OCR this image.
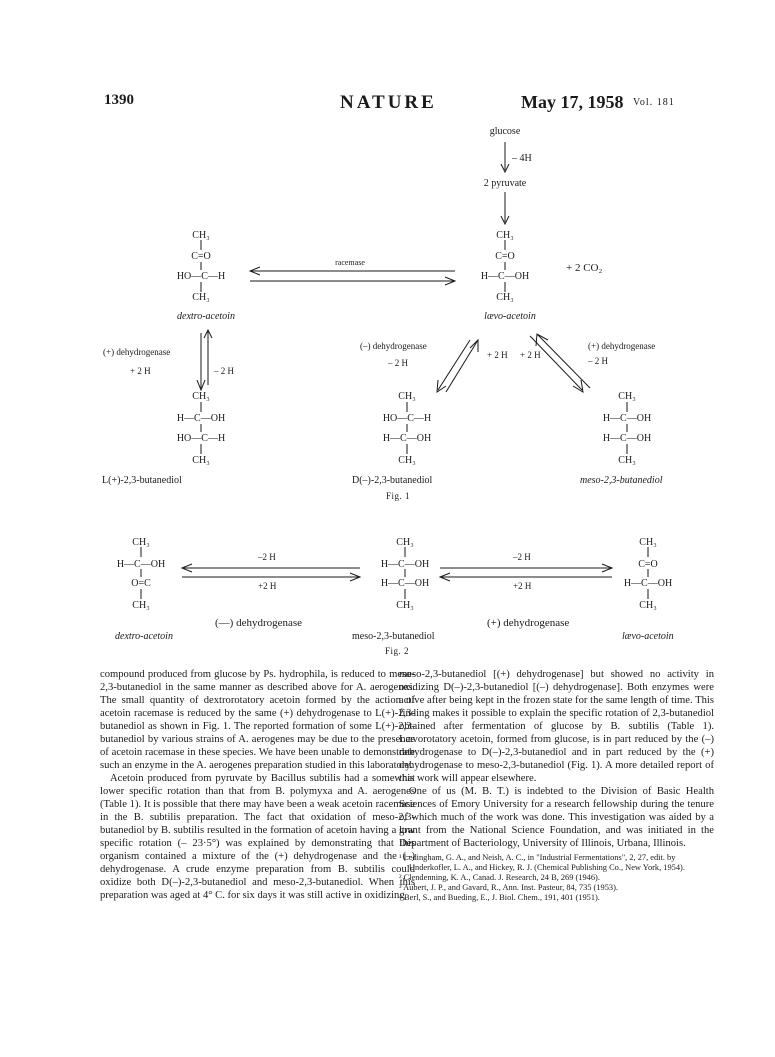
1390	NATURE	May 17, 1958 Vol. 181
glucose
– 4H
2 pyruvate
racemase	+ 2 CO₂
CH₃
C=O
HO—C—H
CH₃
dextro-acetoin
CH₃
C=O
H—C—OH
CH₃
lævo-acetoin
(+) dehydrogenase
+ 2 H	– 2 H
(–) dehydrogenase
– 2 H
+ 2 H + 2 H
(+) dehydrogenase
– 2 H
CH₃
H—C—OH
HO—C—H
CH₃
L(+)-2,3-butanediol
CH₃
HO—C—H
H—C—OH
CH₃
D(–)-2,3-butanediol
CH₃
H—C—OH
H—C—OH
CH₃
meso-2,3-butanediol
Fig. 1
CH₃
H—C—OH
O=C
CH₃
dextro-acetoin
CH₃
H—C—OH
H—C—OH
CH₃
meso-2,3-butanediol
CH₃
C=O
H—C—OH
CH₃
lævo-acetoin
–2 H
+2 H
–2 H
+2 H
(—) dehydrogenase	(+) dehydrogenase
Fig. 2

compound produced from glucose by Ps. hydrophila, is reduced to meso-2,3-butanediol in the same manner as described above for A. aerogenes. The small quantity of dextrorotatory acetoin formed by the action of acetoin racemase is reduced by the same (+) dehydrogenase to L(+)-2,3-butanediol as shown in Fig. 1. The reported formation of some L(+)-2,3-butanediol by various strains of A. aerogenes may be due to the presence of acetoin racemase in these species. We have been unable to demonstrate such an enzyme in the A. aerogenes preparation studied in this laboratory.

Acetoin produced from pyruvate by Bacillus subtilis had a somewhat lower specific rotation than that from B. polymyxa and A. aerogenes (Table 1). It is possible that there may have been a weak acetoin racemase in the B. subtilis preparation. The fact that oxidation of meso-2,3-butanediol by B. subtilis resulted in the formation of acetoin having a low specific rotation (– 23·5°) was explained by demonstrating that this organism contained a mixture of the (+) dehydrogenase and the (–) dehydrogenase. A crude enzyme preparation from B. subtilis could oxidize both D(–)-2,3-butanediol and meso-2,3-butanediol. When this preparation was aged at 4° C. for six days it was still active in oxidizing

meso-2,3-butanediol [(+) dehydrogenase] but showed no activity in oxidizing D(–)-2,3-butanediol [(–) dehydrogenase]. Both enzymes were active after being kept in the frozen state for the same length of time. This finding makes it possible to explain the specific rotation of 2,3-butanediol obtained after fermentation of glucose by B. subtilis (Table 1). Lævorotatory acetoin, formed from glucose, is in part reduced by the (–) dehydrogenase to D(–)-2,3-butanediol and in part reduced by the (+) dehydrogenase to meso-2,3-butanediol (Fig. 1). A more detailed report of this work will appear elsewhere.

One of us (M. B. T.) is indebted to the Division of Basic Health Sciences of Emory University for a research fellowship during the tenure of which much of the work was done. This investigation was aided by a grant from the National Science Foundation, and was initiated in the Department of Bacteriology, University of Illinois, Urbana, Illinois.

¹ Ledingham, G. A., and Neish, A. C., in "Industrial Fermentations", 2, 27, edit. by Underkofler, L. A., and Hickey, R. J. (Chemical Publishing Co., New York, 1954).
² Clendenning, K. A., Canad. J. Research, 24 B, 269 (1946).
³ Aubert, J. P., and Gavard, R., Ann. Inst. Pasteur, 84, 735 (1953).
⁴ Berl, S., and Bueding, E., J. Biol. Chem., 191, 401 (1951).
